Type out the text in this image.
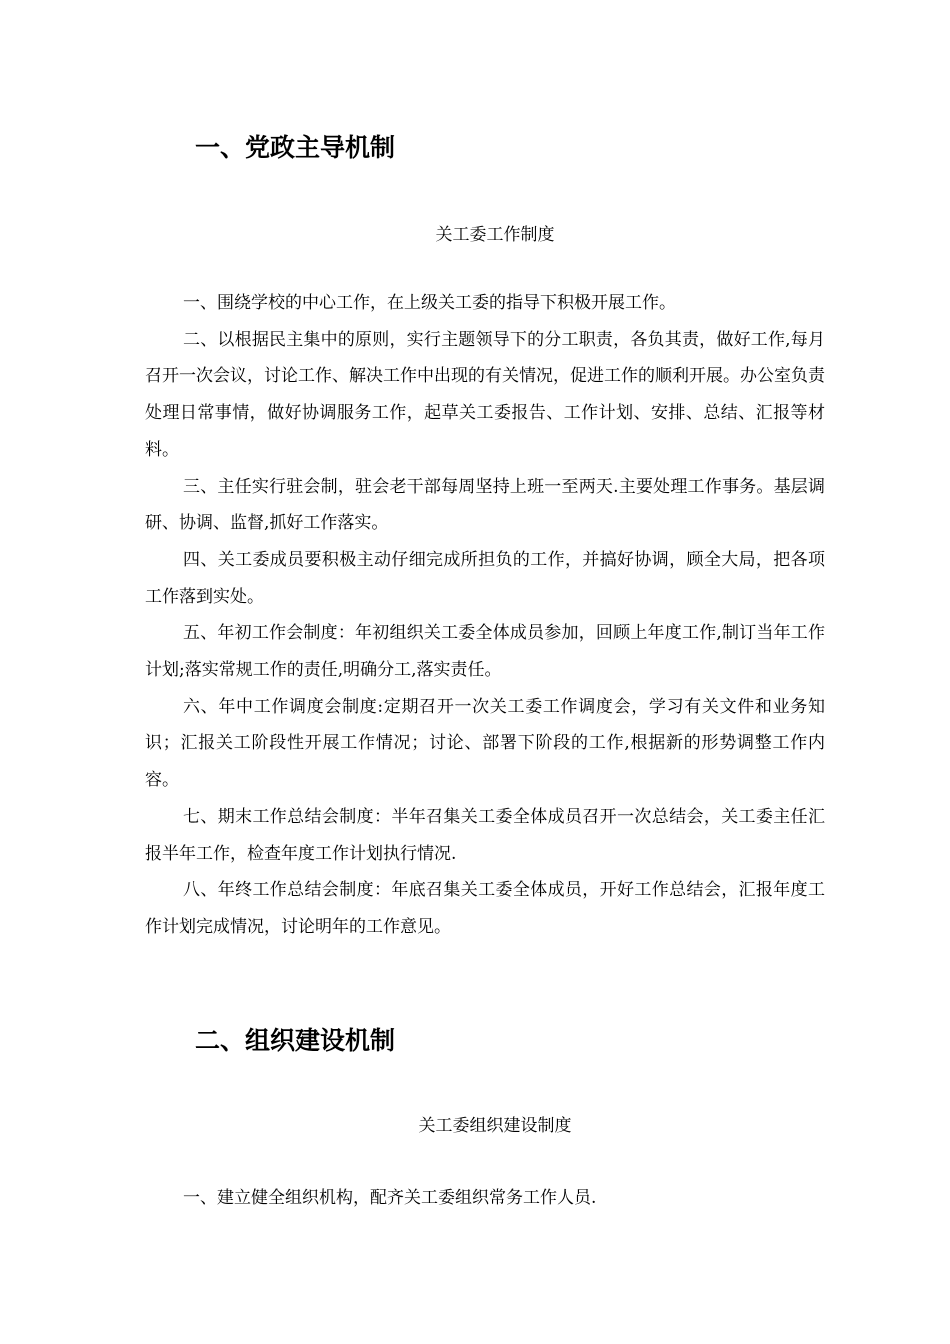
一、党政主导机制

关工委工作制度

一、围绕学校的中心工作，在上级关工委的指导下积极开展工作。

二、以根据民主集中的原则，实行主题领导下的分工职责，各负其责，做好工作,每月召开一次会议，讨论工作、解决工作中出现的有关情况，促进工作的顺利开展。办公室负责处理日常事情，做好协调服务工作，起草关工委报告、工作计划、安排、总结、汇报等材料。

三、主任实行驻会制，驻会老干部每周坚持上班一至两天.主要处理工作事务。基层调研、协调、监督,抓好工作落实。

四、关工委成员要积极主动仔细完成所担负的工作，并搞好协调，顾全大局，把各项工作落到实处。

五、年初工作会制度：年初组织关工委全体成员参加，回顾上年度工作,制订当年工作计划;落实常规工作的责任,明确分工,落实责任。

六、年中工作调度会制度:定期召开一次关工委工作调度会，学习有关文件和业务知识；汇报关工阶段性开展工作情况；讨论、部署下阶段的工作,根据新的形势调整工作内容。

七、期末工作总结会制度：半年召集关工委全体成员召开一次总结会，关工委主任汇报半年工作，检查年度工作计划执行情况.

八、年终工作总结会制度：年底召集关工委全体成员，开好工作总结会，汇报年度工作计划完成情况，讨论明年的工作意见。

二、组织建设机制

关工委组织建设制度

一、建立健全组织机构，配齐关工委组织常务工作人员.
